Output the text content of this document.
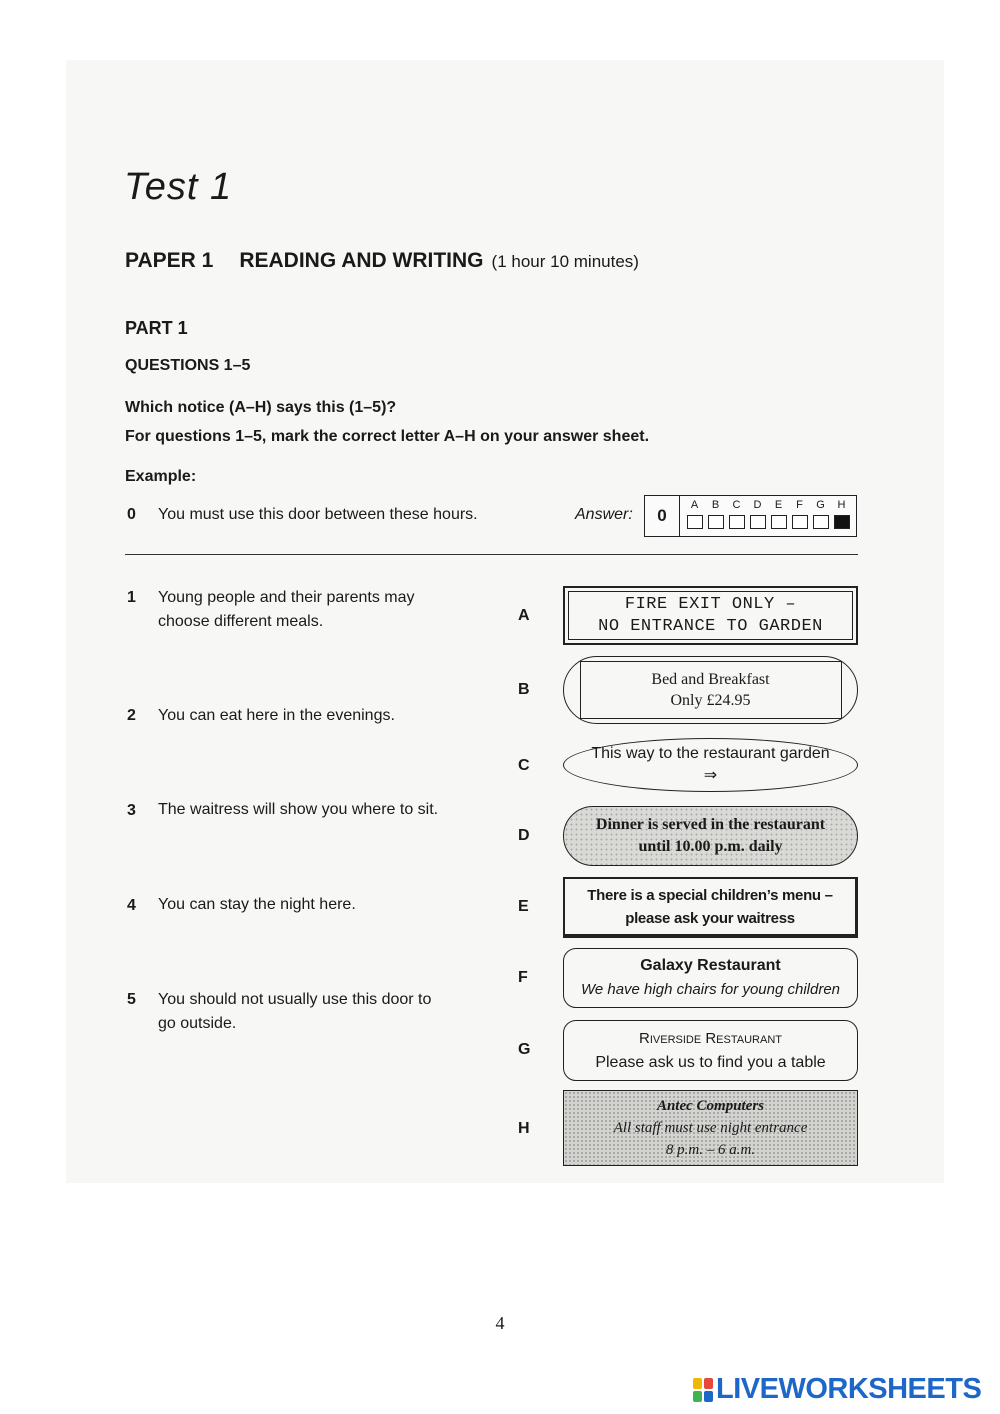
Test 1
PAPER 1 READING AND WRITING (1 hour 10 minutes)
PART 1
QUESTIONS 1–5
Which notice (A–H) says this (1–5)?
For questions 1–5, mark the correct letter A–H on your answer sheet.
Example:
0 You must use this door between these hours.	Answer:	0
A B C D E F G H
1 Young people and their parents may
choose different meals.
2 You can eat here in the evenings.
3 The waitress will show you where to sit.
4 You can stay the night here.
5 You should not usually use this door to
go outside.
A
B
C
D
E
F
G
H
FIRE EXIT ONLY –
NO ENTRANCE TO GARDEN
Bed and Breakfast
Only £24.95
This way to the restaurant garden
⇒
Dinner is served in the restaurant
until 10.00 p.m. daily
There is a special children’s menu –
please ask your waitress
Galaxy Restaurant
We have high chairs for young children
Riverside Restaurant
Please ask us to find you a table
Antec Computers
All staff must use night entrance
8 p.m. – 6 a.m.
4
LIVEWORKSHEETS
